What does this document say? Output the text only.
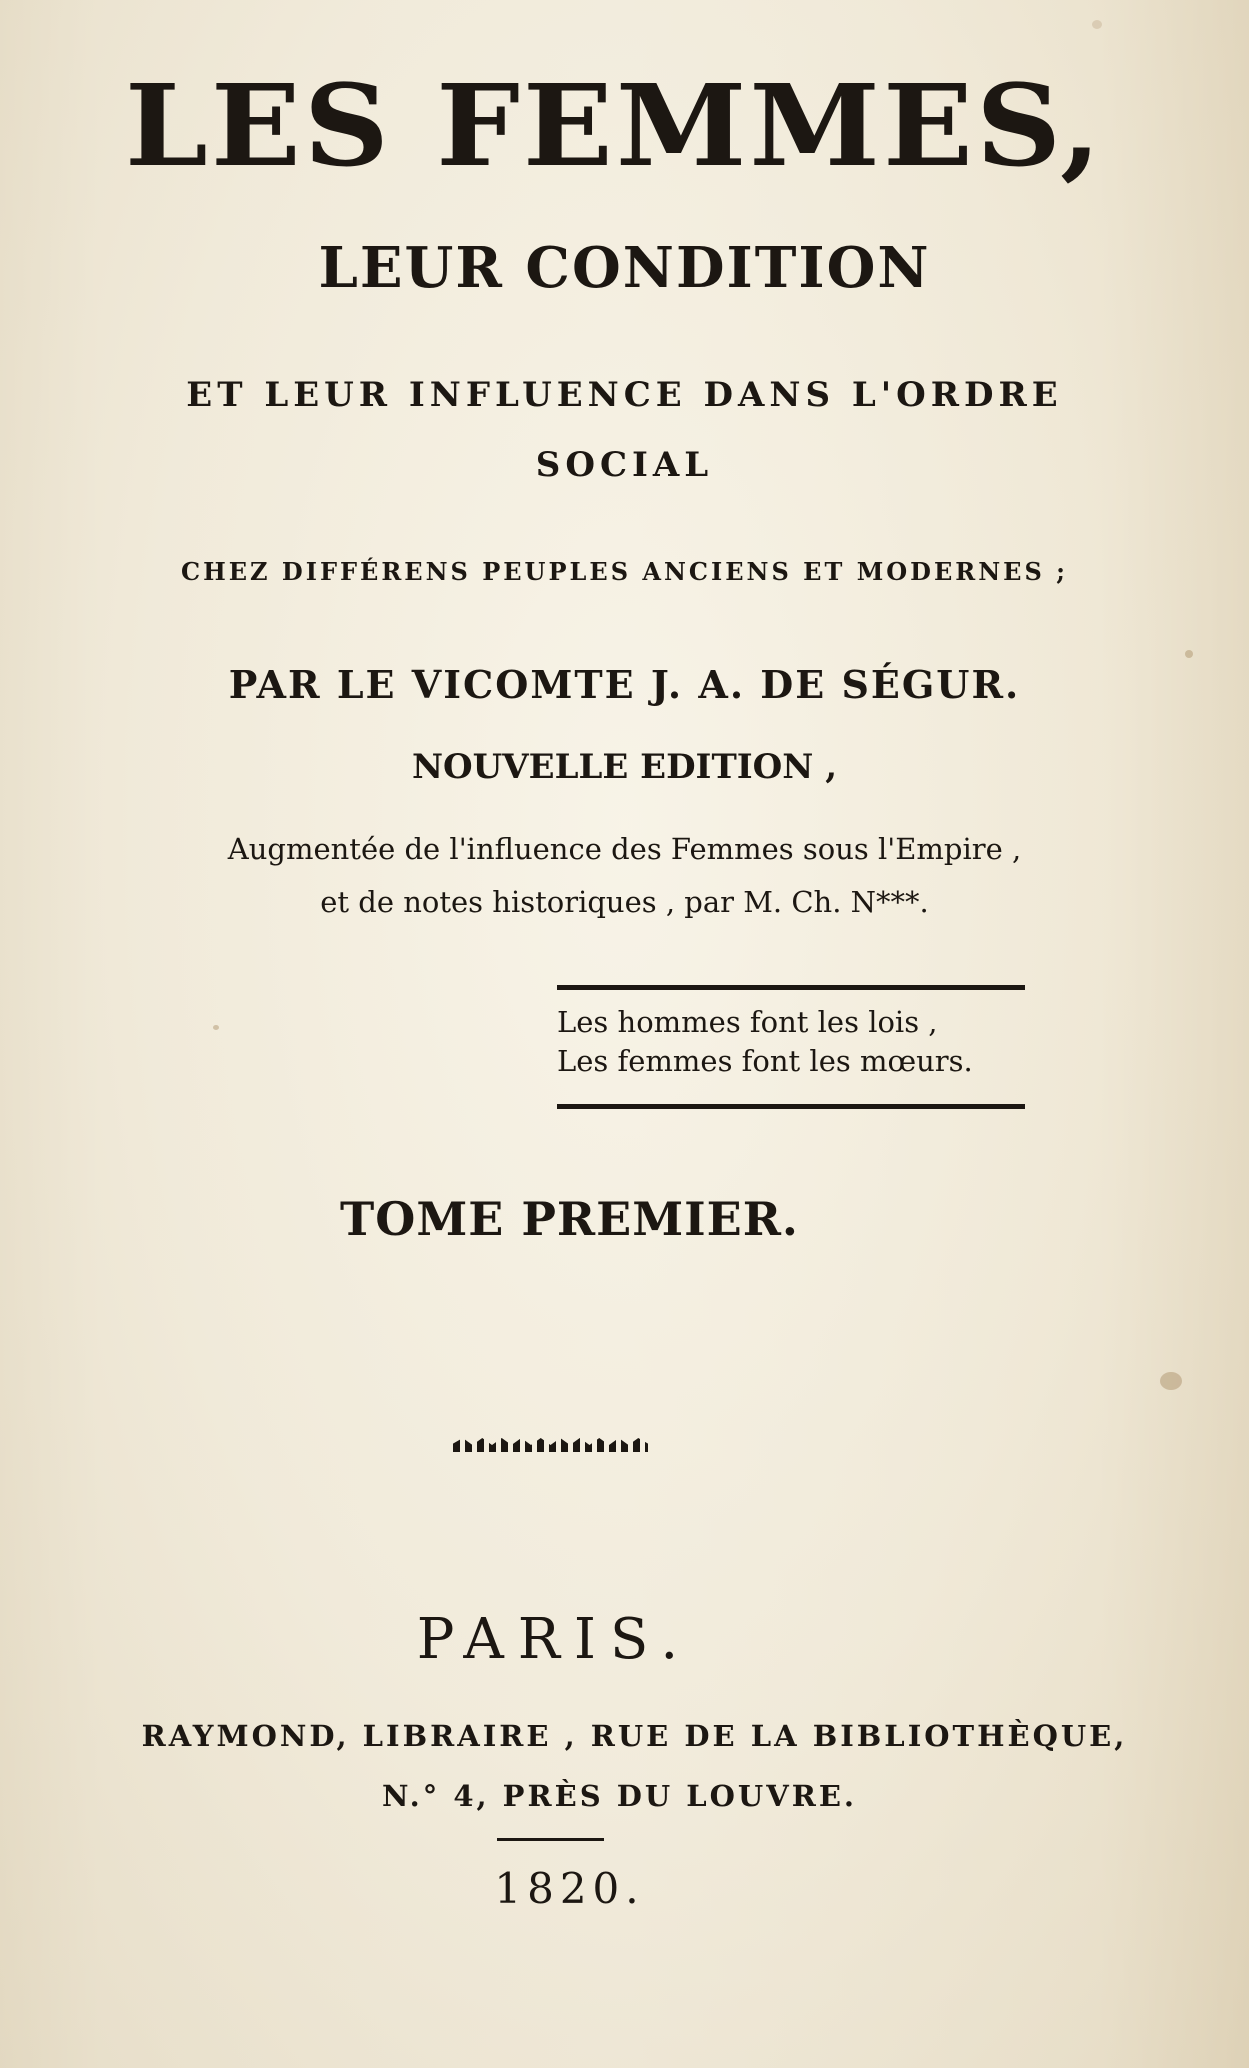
LES FEMMES,
LEUR CONDITION
ET LEUR INFLUENCE DANS L'ORDRE
SOCIAL
CHEZ DIFFÉRENS PEUPLES ANCIENS ET MODERNES ;
PAR LE VICOMTE J. A. DE SÉGUR.
NOUVELLE EDITION ,
Augmentée de l'influence des Femmes sous l'Empire ,
et de notes historiques , par M. Ch. N***.
Les hommes font les lois ,
Les femmes font les mœurs.
TOME PREMIER.
PARIS.
RAYMOND, LIBRAIRE , RUE DE LA BIBLIOTHÈQUE,
N.° 4, PRÈS DU LOUVRE.
1820.
